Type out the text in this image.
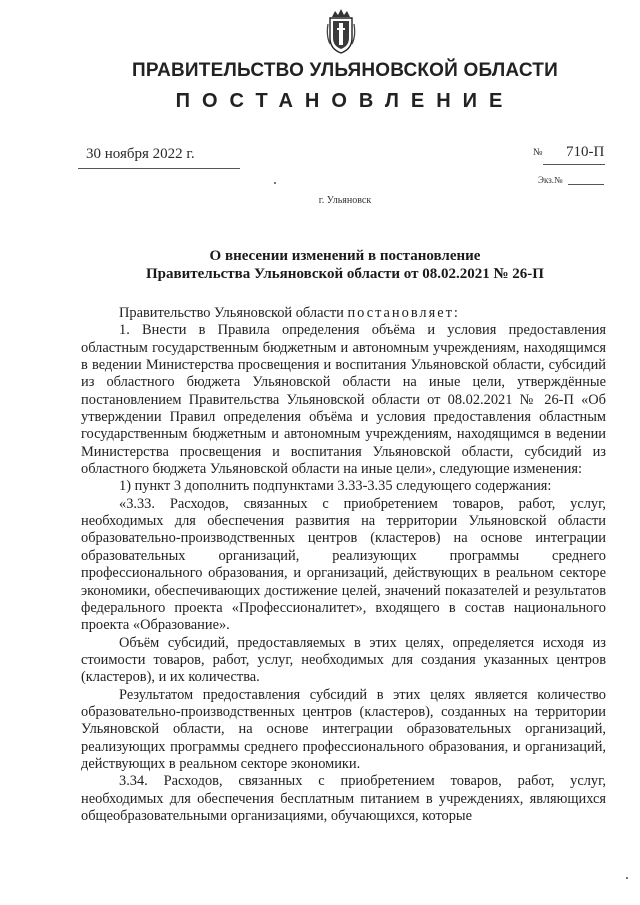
ПРАВИТЕЛЬСТВО УЛЬЯНОВСКОЙ ОБЛАСТИ
ПОСТАНОВЛЕНИЕ
30 ноября 2022 г.	№ 710-П
Экз.№
г. Ульяновск
О внесении изменений в постановление
Правительства Ульяновской области от 08.02.2021 № 26-П

Правительство Ульяновской области постановляет:

1. Внести в Правила определения объёма и условия предоставления областным государственным бюджетным и автономным учреждениям, находящимся в ведении Министерства просвещения и воспитания Ульяновской области, субсидий из областного бюджета Ульяновской области на иные цели, утверждённые постановлением Правительства Ульяновской области от 08.02.2021 № 26-П «Об утверждении Правил определения объёма и условия предоставления областным государственным бюджетным и автономным учреждениям, находящимся в ведении Министерства просвещения и воспитания Ульяновской области, субсидий из областного бюджета Ульяновской области на иные цели», следующие изменения:

1) пункт 3 дополнить подпунктами 3.33-3.35 следующего содержания:

«3.33. Расходов, связанных с приобретением товаров, работ, услуг, необходимых для обеспечения развития на территории Ульяновской области образовательно-производственных центров (кластеров) на основе интеграции образовательных организаций, реализующих программы среднего профессионального образования, и организаций, действующих в реальном секторе экономики, обеспечивающих достижение целей, значений показателей и результатов федерального проекта «Профессионалитет», входящего в состав национального проекта «Образование».

Объём субсидий, предоставляемых в этих целях, определяется исходя из стоимости товаров, работ, услуг, необходимых для создания указанных центров (кластеров), и их количества.

Результатом предоставления субсидий в этих целях является количество образовательно-производственных центров (кластеров), созданных на территории Ульяновской области, на основе интеграции образовательных организаций, реализующих программы среднего профессионального образования, и организаций, действующих в реальном секторе экономики.

3.34. Расходов, связанных с приобретением товаров, работ, услуг, необходимых для обеспечения бесплатным питанием в учреждениях, являющихся общеобразовательными организациями, обучающихся, которые
